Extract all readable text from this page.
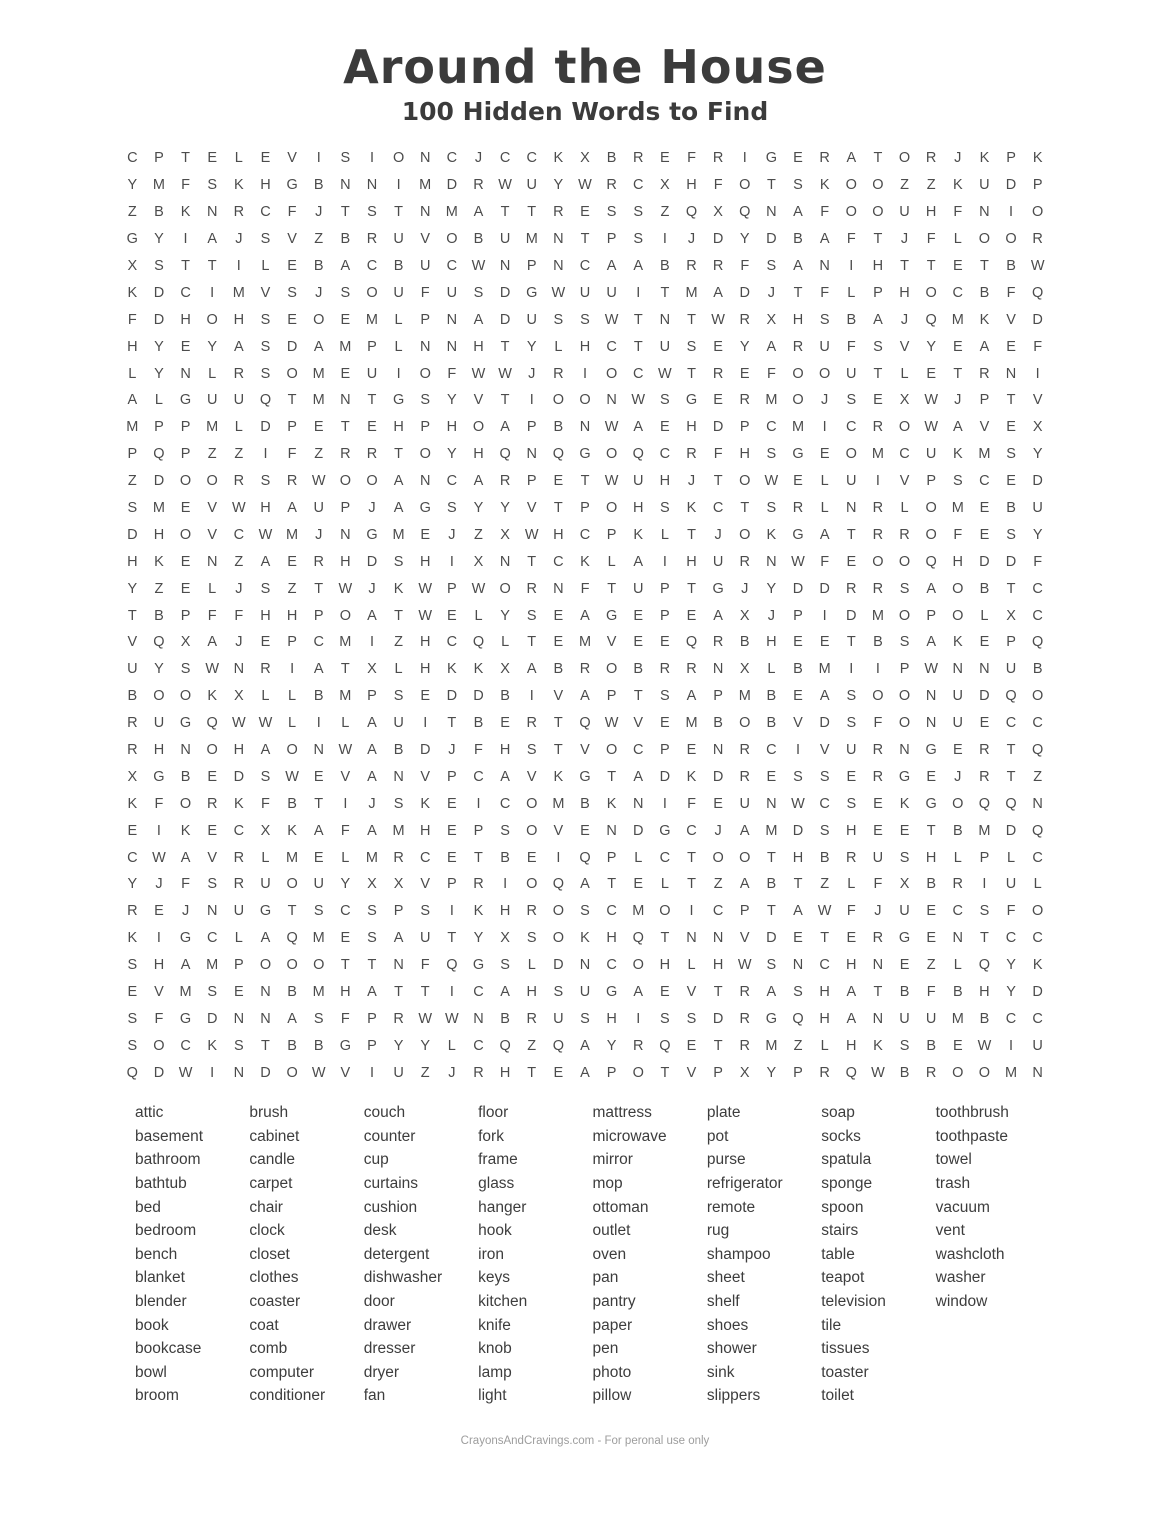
Around the House
100 Hidden Words to Find
C	P	T	E	L	E	V	I	S	I	O	N	C	J	C	C	K	X	B	R	E	F	R	I	G	E	R	A	T	O	R	J	K	P	K
Y	M	F	S	K	H	G	B	N	N	I	M	D	R	W	U	Y	W	R	C	X	H	F	O	T	S	K	O	O	Z	Z	K	U	D	P
Z	B	K	N	R	C	F	J	T	S	T	N	M	A	T	T	R	E	S	S	Z	Q	X	Q	N	A	F	O	O	U	H	F	N	I	O
G	Y	I	A	J	S	V	Z	B	R	U	V	O	B	U	M	N	T	P	S	I	J	D	Y	D	B	A	F	T	J	F	L	O	O	R
X	S	T	T	I	L	E	B	A	C	B	U	C	W	N	P	N	C	A	A	B	R	R	F	S	A	N	I	H	T	T	E	T	B	W
K	D	C	I	M	V	S	J	S	O	U	F	U	S	D	G W	U	U	I	T	M	A	D	J	T	F	L	P	H	O	C	B	F	Q
F	D	H	O	H	S	E	O	E	M	L	P	N	A	D	U	S	S	W	T	N	T	W	R	X	H	S	B	A	J	Q	M	K	V	D
H	Y	E	Y	A	S	D	A	M	P	L	N	N	H	T	Y	L	H	C	T	U	S	E	Y	A	R	U	F	S	V	Y	E	A	E	F
L	Y	N	L	R	S	O	M	E	U	I	O	F	W W	J	R	I	O	C	W	T	R	E	F	O	O	U	T	L	E	T	R	N	I
A	L	G	U	U	Q	T	M	N	T	G	S	Y	V	T	I	O	O	N	W	S	G	E	R	M	O	J	S	E	X	W	J	P	T	V
M	P	P	M	L	D	P	E	T	E	H	P	H	O	A	P	B	N	W	A	E	H	D	P	C	M	I	C	R	O W	A	V	E	X
P	Q	P	Z	Z	I	F	Z	R	R	T	O	Y	H	Q	N	Q	G	O	Q	C	R	F	H	S	G	E	O	M	C	U	K	M	S	Y
Z	D	O	O	R	S	R	W O	O	A	N	C	A	R	P	E	T	W	U	H	J	T	O W	E	L	U	I	V	P	S	C	E	D
S	M	E	V	W	H	A	U	P	J	A	G	S	Y	Y	V	T	P	O	H	S	K	C	T	S	R	L	N	R	L	O	M	E	B	U
D	H	O	V	C	W M	J	N	G	M	E	J	Z	X	W	H	C	P	K	L	T	J	O	K	G	A	T	R	R	O	F	E	S	Y
H	K	E	N	Z	A	E	R	H	D	S	H	I	X	N	T	C	K	L	A	I	H	U	R	N	W	F	E	O	O	Q	H	D	D	F
Y	Z	E	L	J	S	Z	T	W	J	K	W	P	W O	R	N	F	T	U	P	T	G	J	Y	D	D	R	R	S	A	O	B	T	C
T	B	P	F	F	H	H	P	O	A	T	W	E	L	Y	S	E	A	G	E	P	E	A	X	J	P	I	D	M	O	P	O	L	X	C
V	Q	X	A	J	E	P	C	M	I	Z	H	C	Q	L	T	E	M	V	E	E	Q	R	B	H	E	E	T	B	S	A	K	E	P	Q
U	Y	S	W	N	R	I	A	T	X	L	H	K	K	X	A	B	R	O	B	R	R	N	X	L	B	M	I	I	P	W	N	N	U	B
B	O	O	K	X	L	L	B	M	P	S	E	D	D	B	I	V	A	P	T	S	A	P	M	B	E	A	S	O	O	N	U	D	Q	O
R	U	G	Q W W	L	I	L	A	U	I	T	B	E	R	T	Q W	V	E	M	B	O	B	V	D	S	F	O	N	U	E	C	C
R	H	N	O	H	A	O	N	W	A	B	D	J	F	H	S	T	V	O	C	P	E	N	R	C	I	V	U	R	N	G	E	R	T	Q
X	G	B	E	D	S	W	E	V	A	N	V	P	C	A	V	K	G	T	A	D	K	D	R	E	S	S	E	R	G	E	J	R	T	Z
K	F	O	R	K	F	B	T	I	J	S	K	E	I	C	O	M	B	K	N	I	F	E	U	N	W	C	S	E	K	G	O	Q	Q	N
E	I	K	E	C	X	K	A	F	A	M	H	E	P	S	O	V	E	N	D	G	C	J	A	M	D	S	H	E	E	T	B	M	D	Q
C	W	A	V	R	L	M	E	L	M	R	C	E	T	B	E	I	Q	P	L	C	T	O	O	T	H	B	R	U	S	H	L	P	L	C
Y	J	F	S	R	U	O	U	Y	X	X	V	P	R	I	O	Q	A	T	E	L	T	Z	A	B	T	Z	L	F	X	B	R	I	U	L
R	E	J	N	U	G	T	S	C	S	P	S	I	K	H	R	O	S	C	M	O	I	C	P	T	A	W	F	J	U	E	C	S	F	O
K	I	G	C	L	A	Q	M	E	S	A	U	T	Y	X	S	O	K	H	Q	T	N	N	V	D	E	T	E	R	G	E	N	T	C	C
S	H	A	M	P	O	O	O	T	T	N	F	Q	G	S	L	D	N	C	O	H	L	H	W	S	N	C	H	N	E	Z	L	Q	Y	K
E	V	M	S	E	N	B	M	H	A	T	T	I	C	A	H	S	U	G	A	E	V	T	R	A	S	H	A	T	B	F	B	H	Y	D
S	F	G	D	N	N	A	S	F	P	R	W W	N	B	R	U	S	H	I	S	S	D	R	G	Q	H	A	N	U	U	M	B	C	C
S	O	C	K	S	T	B	B	G	P	Y	Y	L	C	Q	Z	Q	A	Y	R	Q	E	T	R	M	Z	L	H	K	S	B	E	W	I	U
Q	D	W	I	N	D	O W	V	I	U	Z	J	R	H	T	E	A	P	O	T	V	P	X	Y	P	R	Q W	B	R	O	O	M	N
attic
basement
bathroom
bathtub
bed
bedroom
bench
blanket
blender
book
bookcase
bowl
broom
brush
cabinet
candle
carpet
chair
clock
closet
clothes
coaster
coat
comb
computer
conditioner
couch
counter
cup
curtains
cushion
desk
detergent
dishwasher
door
drawer
dresser
dryer
fan
floor
fork
frame
glass
hanger
hook
iron
keys
kitchen
knife
knob
lamp
light
mattress
microwave
mirror
mop
ottoman
outlet
oven
pan
pantry
paper
pen
photo
pillow
plate
pot
purse
refrigerator
remote
rug
shampoo
sheet
shelf
shoes
shower
sink
slippers
soap
socks
spatula
sponge
spoon
stairs
table
teapot
television
tile
tissues
toaster
toilet
toothbrush
toothpaste
towel
trash
vacuum
vent
washcloth
washer
window
CrayonsAndCravings.com - For peronal use only
